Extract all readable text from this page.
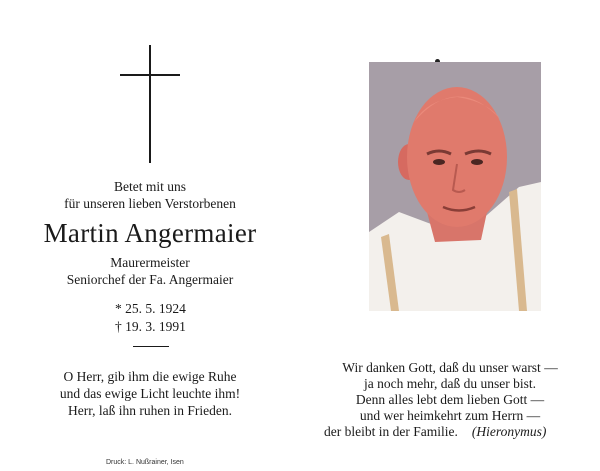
Betet mit uns
für unseren lieben Verstorbenen
Martin Angermaier
Maurermeister
Seniorchef der Fa. Angermaier
* 25. 5. 1924
† 19. 3. 1991
O Herr, gib ihm die ewige Ruhe
und das ewige Licht leuchte ihm!
Herr, laß ihn ruhen in Frieden.
Wir danken Gott, daß du unser warst —
ja noch mehr, daß du unser bist.
Denn alles lebt dem lieben Gott —
und wer heimkehrt zum Herrn —
der bleibt in der Familie. (Hieronymus)
Druck: L. Nußrainer, Isen
